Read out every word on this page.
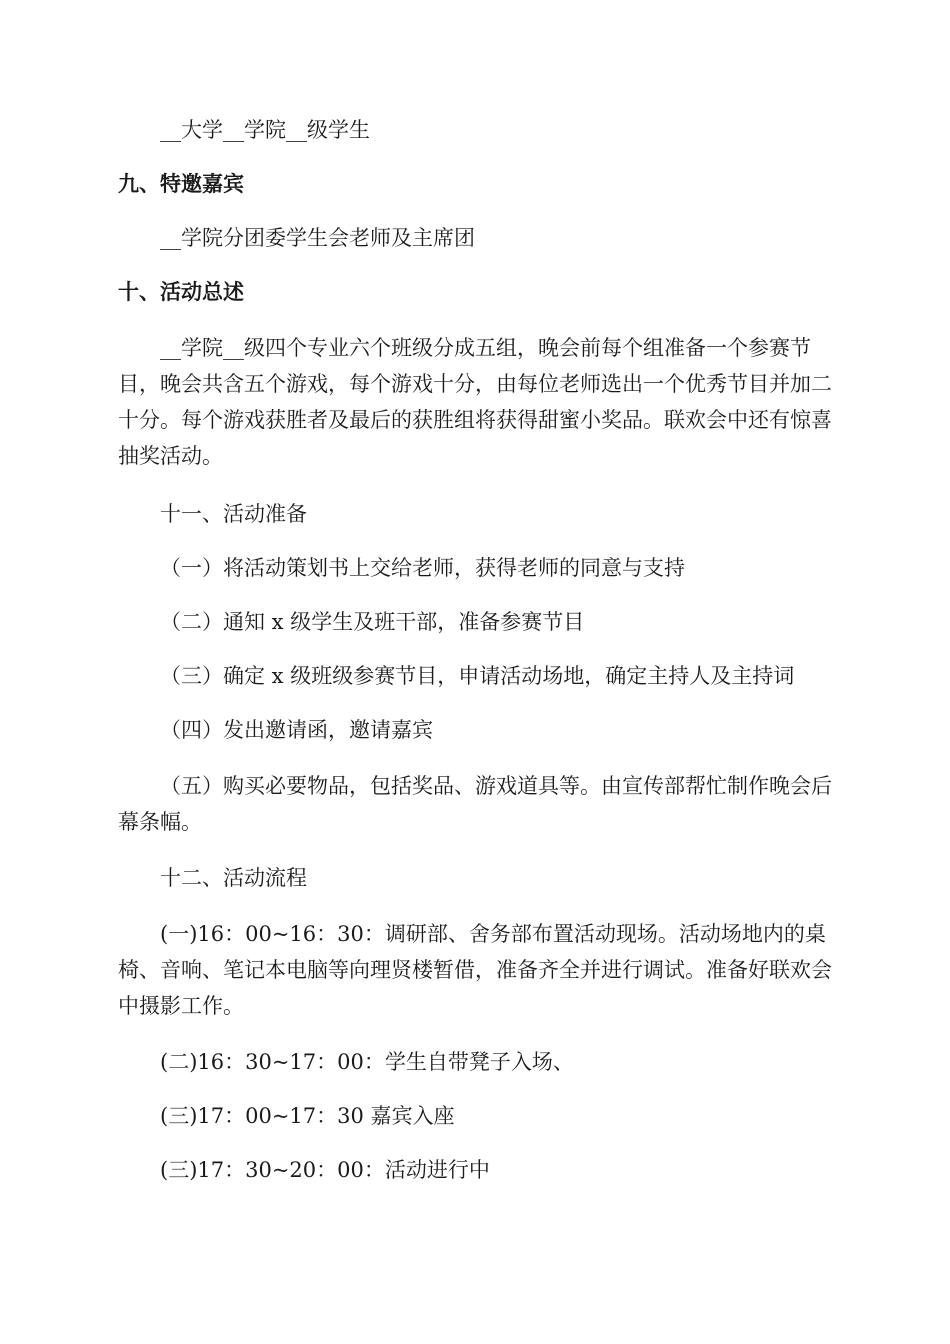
__大学__学院__级学生

九、特邀嘉宾

__学院分团委学生会老师及主席团

十、活动总述

__学院__级四个专业六个班级分成五组，晚会前每个组准备一个参赛节目，晚会共含五个游戏，每个游戏十分，由每位老师选出一个优秀节目并加二十分。每个游戏获胜者及最后的获胜组将获得甜蜜小奖品。联欢会中还有惊喜抽奖活动。

十一、活动准备

（一）将活动策划书上交给老师，获得老师的同意与支持

（二）通知 x 级学生及班干部，准备参赛节目

（三）确定 x 级班级参赛节目，申请活动场地，确定主持人及主持词

（四）发出邀请函，邀请嘉宾

（五）购买必要物品，包括奖品、游戏道具等。由宣传部帮忙制作晚会后幕条幅。

十二、活动流程

(一)16：00~16：30：调研部、舍务部布置活动现场。活动场地内的桌椅、音响、笔记本电脑等向理贤楼暂借，准备齐全并进行调试。准备好联欢会中摄影工作。

(二)16：30~17：00：学生自带凳子入场、

(三)17：00~17：30 嘉宾入座

(三)17：30~20：00：活动进行中
